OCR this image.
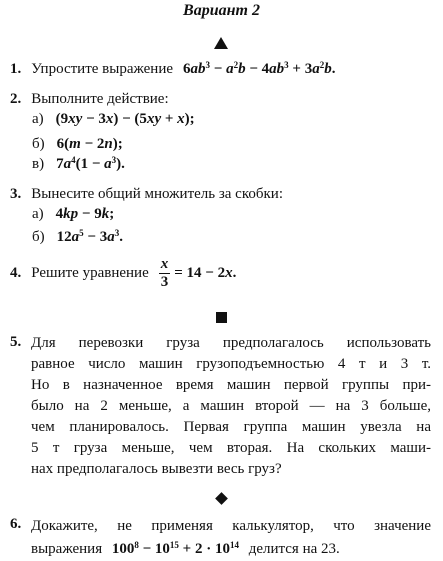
Вариант 2
1. Упростите выражение $6ab^3 - a^2b - 4ab^3 + 3a^2b$.
2. Выполните действие:
а) (9xy − 3x) − (5xy + x);
б) 6(m − 2n);
в) $7a^4(1 - a^3)$.
3. Вынесите общий множитель за скобки:
а) 4kp − 9k;
б) $12a^5 - 3a^3$.
4. Решите уравнение $\frac{x}{3} = 14 - 2x$.
5. Для перевозки груза предполагалось использовать
равное число машин грузоподъемностью 4 т и 3 т.
Но в назначенное время машин первой группы при-
было на 2 меньше, а машин второй — на 3 больше,
чем планировалось. Первая группа машин увезла на
5 т груза меньше, чем вторая. На скольких маши-
нах предполагалось вывезти весь груз?
6. Докажите, не применяя калькулятор, что значение
выражения $100^8 - 10^{15} + 2 \cdot 10^{14}$ делится на 23.
